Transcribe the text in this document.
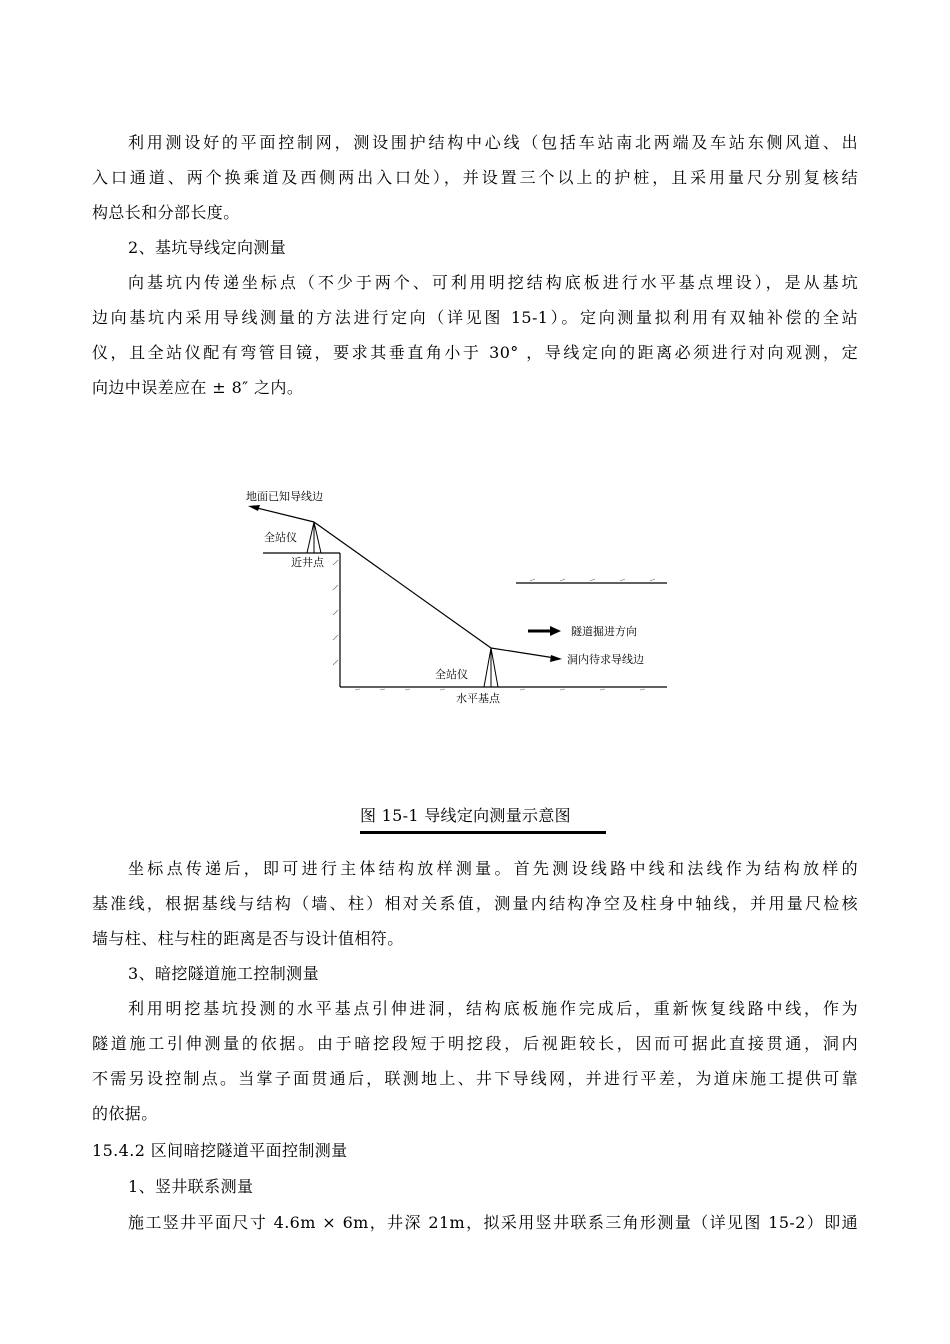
利用测设好的平面控制网，测设围护结构中心线（包括车站南北两端及车站东侧风道、出
入口通道、两个换乘道及西侧两出入口处），并设置三个以上的护桩，且采用量尺分别复核结
构总长和分部长度。
2、基坑导线定向测量
向基坑内传递坐标点（不少于两个、可利用明挖结构底板进行水平基点埋设），是从基坑
边向基坑内采用导线测量的方法进行定向（详见图 15-1）。定向测量拟利用有双轴补偿的全站
仪，且全站仪配有弯管目镜，要求其垂直角小于 30° ，导线定向的距离必须进行对向观测，定
向边中误差应在 ± 8″ 之内。
地面已知导线边
全站仪
近井点
隧道掘进方向
洞内待求导线边
全站仪
水平基点
图 15-1 导线定向测量示意图
坐标点传递后，即可进行主体结构放样测量。首先测设线路中线和法线作为结构放样的
基准线，根据基线与结构（墙、柱）相对关系值，测量内结构净空及柱身中轴线，并用量尺检核
墙与柱、柱与柱的距离是否与设计值相符。
3、暗挖隧道施工控制测量
利用明挖基坑投测的水平基点引伸进洞，结构底板施作完成后，重新恢复线路中线，作为
隧道施工引伸测量的依据。由于暗挖段短于明挖段，后视距较长，因而可据此直接贯通，洞内
不需另设控制点。当掌子面贯通后，联测地上、井下导线网，并进行平差，为道床施工提供可靠
的依据。
15.4.2 区间暗挖隧道平面控制测量
1、竖井联系测量
施工竖井平面尺寸 4.6m × 6m，井深 21m，拟采用竖井联系三角形测量（详见图 15-2）即通
